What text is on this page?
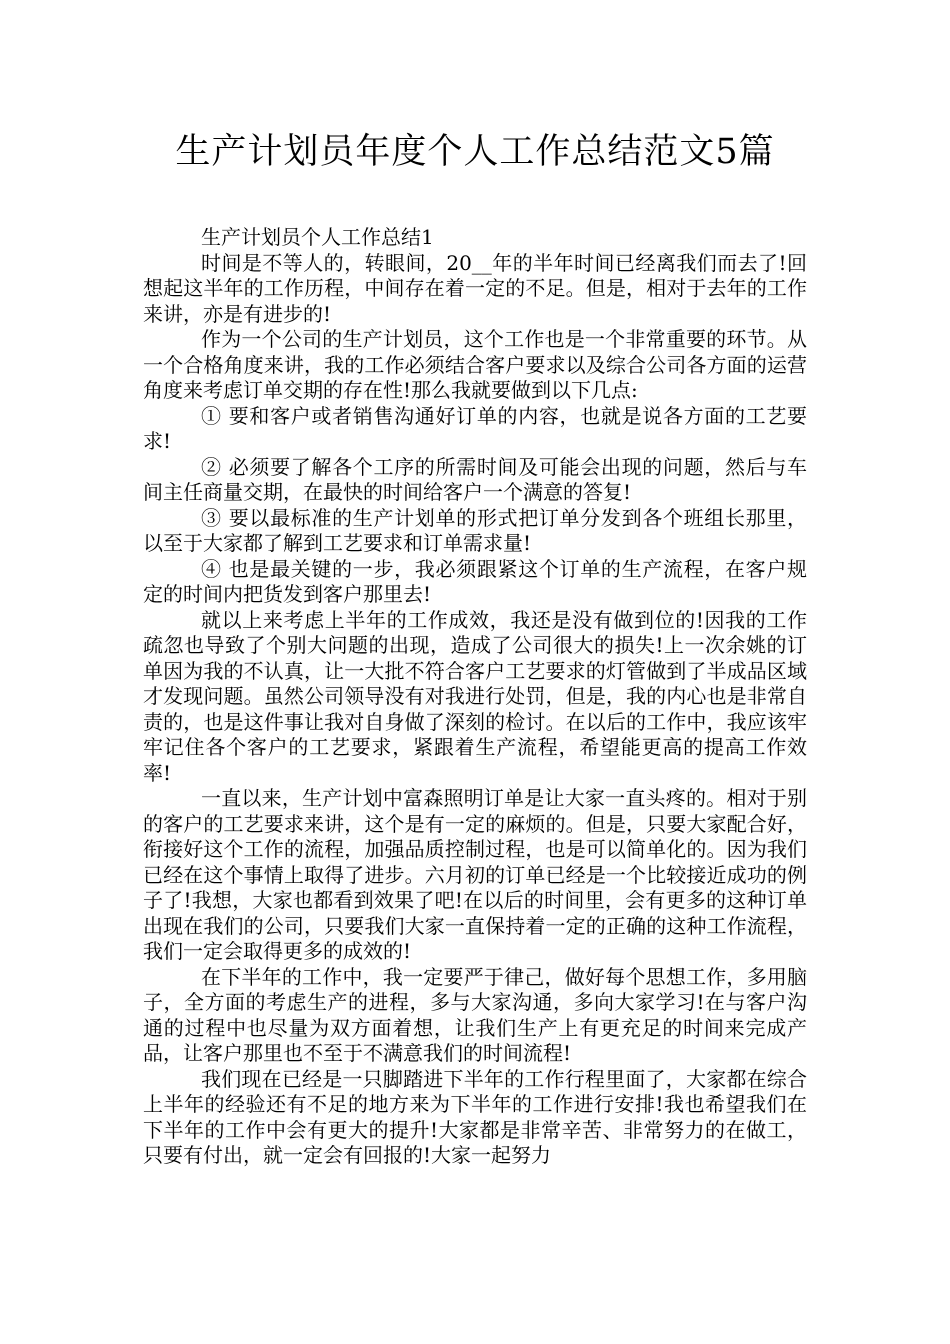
生产计划员年度个人工作总结范文5篇

生产计划员个人工作总结1

时间是不等人的，转眼间，20__年的半年时间已经离我们而去了!回想起这半年的工作历程，中间存在着一定的不足。但是，相对于去年的工作来讲，亦是有进步的!

作为一个公司的生产计划员，这个工作也是一个非常重要的环节。从一个合格角度来讲，我的工作必须结合客户要求以及综合公司各方面的运营角度来考虑订单交期的存在性!那么我就要做到以下几点:

① 要和客户或者销售沟通好订单的内容，也就是说各方面的工艺要求!

② 必须要了解各个工序的所需时间及可能会出现的问题，然后与车间主任商量交期，在最快的时间给客户一个满意的答复!

③ 要以最标准的生产计划单的形式把订单分发到各个班组长那里，以至于大家都了解到工艺要求和订单需求量!

④ 也是最关键的一步，我必须跟紧这个订单的生产流程，在客户规定的时间内把货发到客户那里去!

就以上来考虑上半年的工作成效，我还是没有做到位的!因我的工作疏忽也导致了个别大问题的出现，造成了公司很大的损失!上一次余姚的订单因为我的不认真，让一大批不符合客户工艺要求的灯管做到了半成品区域才发现问题。虽然公司领导没有对我进行处罚，但是，我的内心也是非常自责的，也是这件事让我对自身做了深刻的检讨。在以后的工作中，我应该牢牢记住各个客户的工艺要求，紧跟着生产流程，希望能更高的提高工作效率!

一直以来，生产计划中富森照明订单是让大家一直头疼的。相对于别的客户的工艺要求来讲，这个是有一定的麻烦的。但是，只要大家配合好，衔接好这个工作的流程，加强品质控制过程，也是可以简单化的。因为我们已经在这个事情上取得了进步。六月初的订单已经是一个比较接近成功的例子了!我想，大家也都看到效果了吧!在以后的时间里，会有更多的这种订单出现在我们的公司，只要我们大家一直保持着一定的正确的这种工作流程，我们一定会取得更多的成效的!

在下半年的工作中，我一定要严于律己，做好每个思想工作，多用脑子，全方面的考虑生产的进程，多与大家沟通，多向大家学习!在与客户沟通的过程中也尽量为双方面着想，让我们生产上有更充足的时间来完成产品，让客户那里也不至于不满意我们的时间流程!

我们现在已经是一只脚踏进下半年的工作行程里面了，大家都在综合上半年的经验还有不足的地方来为下半年的工作进行安排!我也希望我们在下半年的工作中会有更大的提升!大家都是非常辛苦、非常努力的在做工，只要有付出，就一定会有回报的!大家一起努力
